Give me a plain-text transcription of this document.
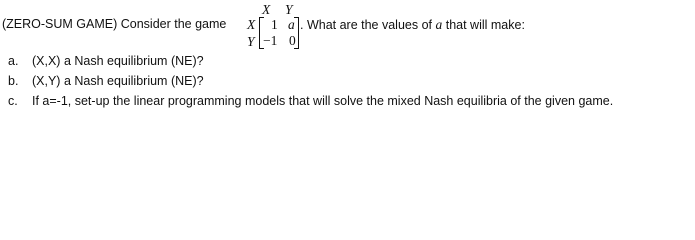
X Y
(ZERO-SUM GAME) Consider the game X
Y
1 a
−1 0
. What are the values of a that will make:
a. (X,X) a Nash equilibrium (NE)?
b. (X,Y) a Nash equilibrium (NE)?
c. If a=-1, set-up the linear programming models that will solve the mixed Nash equilibria of the given game.
